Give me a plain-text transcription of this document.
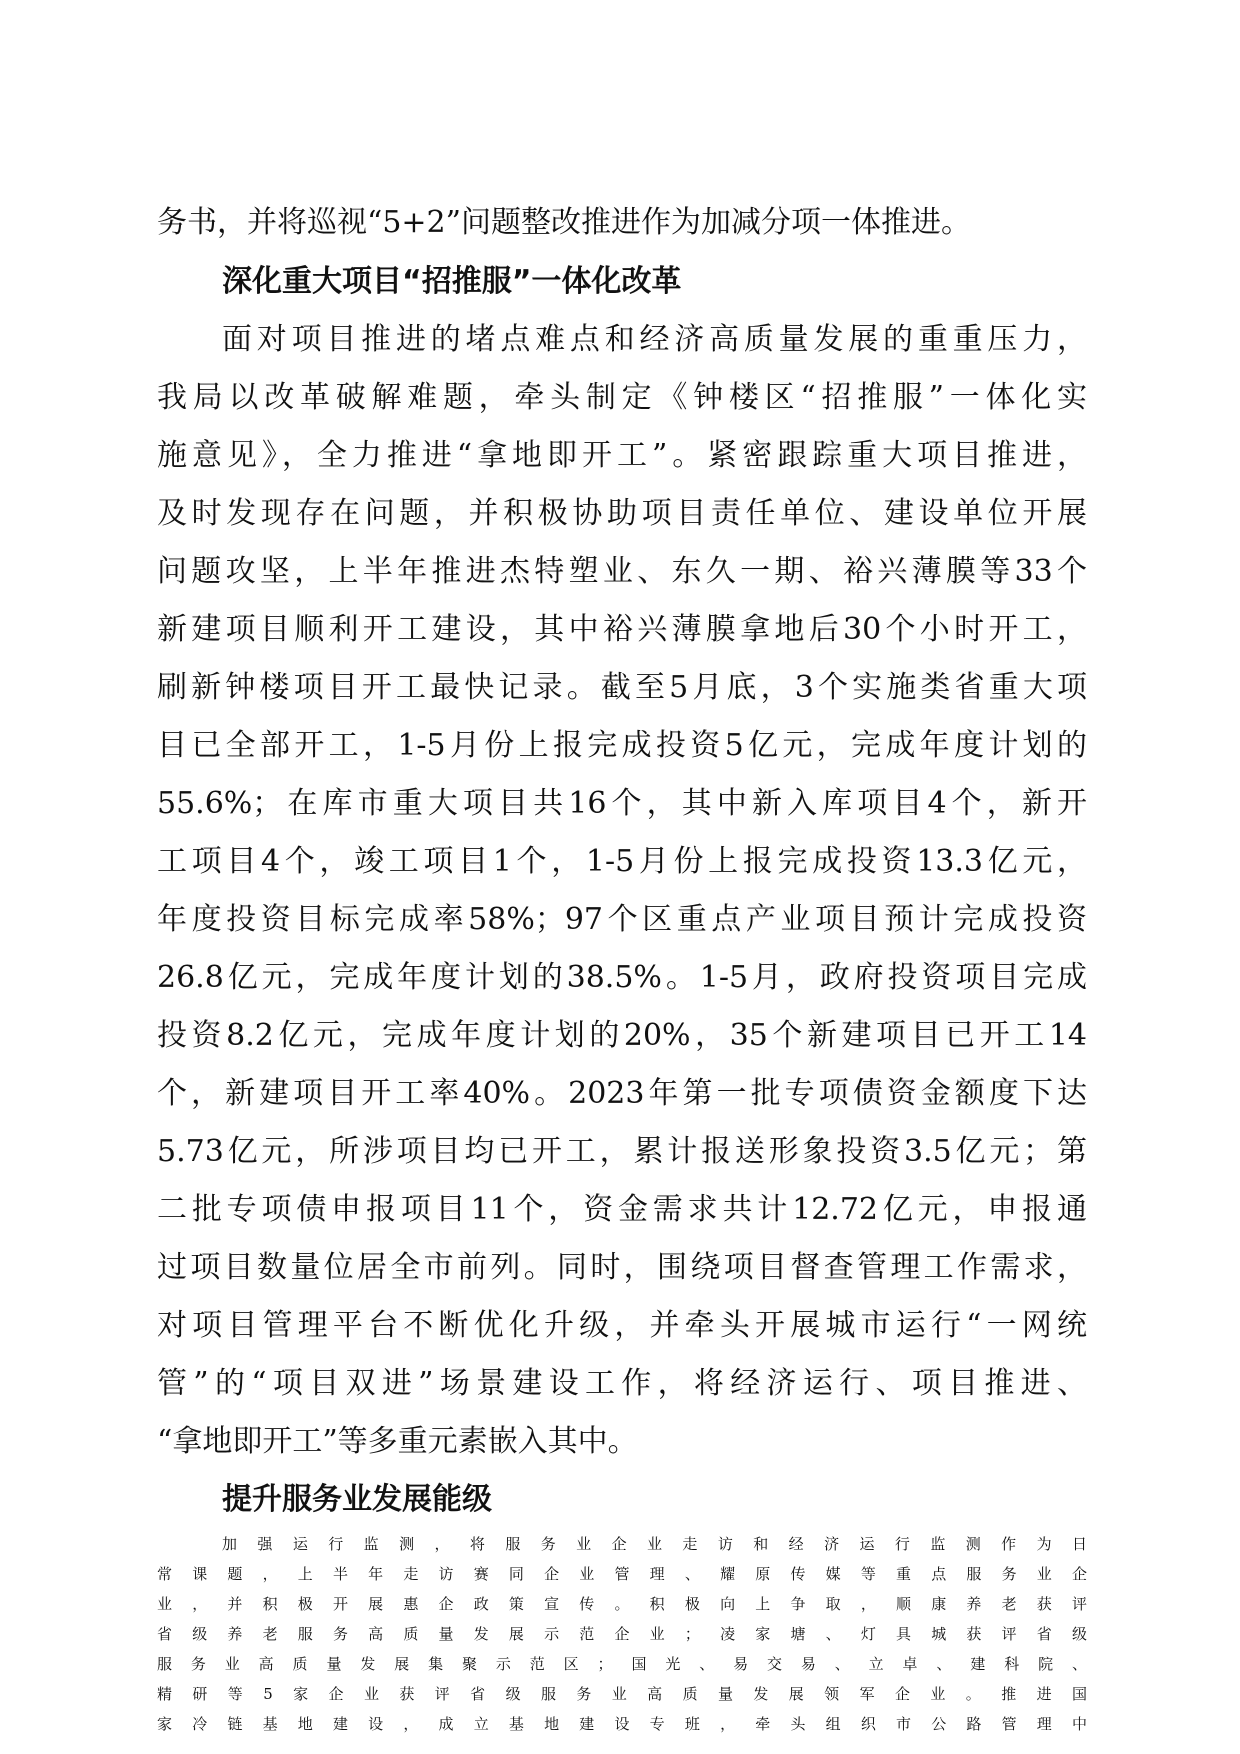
务书，并将巡视“5+2”问题整改推进作为加减分项一体推进。
深化重大项目“招推服”一体化改革
面对项目推进的堵点难点和经济高质量发展的重重压力，
我局以改革破解难题，牵头制定《钟楼区“招推服”一体化实
施意见》，全力推进“拿地即开工”。紧密跟踪重大项目推进，
及时发现存在问题，并积极协助项目责任单位、建设单位开展
问题攻坚，上半年推进杰特塑业、东久一期、裕兴薄膜等33个
新建项目顺利开工建设，其中裕兴薄膜拿地后30个小时开工，
刷新钟楼项目开工最快记录。截至5月底，3个实施类省重大项
目已全部开工，1-5月份上报完成投资5亿元，完成年度计划的
55.6%；在库市重大项目共16个，其中新入库项目4个，新开
工项目4个，竣工项目1个，1-5月份上报完成投资13.3亿元，
年度投资目标完成率58%；97个区重点产业项目预计完成投资
26.8亿元，完成年度计划的38.5%。1-5月，政府投资项目完成
投资8.2亿元，完成年度计划的20%，35个新建项目已开工14
个，新建项目开工率40%。2023年第一批专项债资金额度下达
5.73亿元，所涉项目均已开工，累计报送形象投资3.5亿元；第
二批专项债申报项目11个，资金需求共计12.72亿元，申报通
过项目数量位居全市前列。同时，围绕项目督查管理工作需求，
对项目管理平台不断优化升级，并牵头开展城市运行“一网统
管”的“项目双进”场景建设工作，将经济运行、项目推进、
“拿地即开工”等多重元素嵌入其中。
提升服务业发展能级
加强运行监测，将服务业企业走访和经济运行监测作为日
常课题，上半年走访赛同企业管理、耀原传媒等重点服务业企
业，并积极开展惠企政策宣传。积极向上争取，顺康养老获评
省级养老服务高质量发展示范企业；凌家塘、灯具城获评省级
服务业高质量发展集聚示范区；国光、易交易、立卓、建科院、
精研等5家企业获评省级服务业高质量发展领军企业。推进国
家冷链基地建设，成立基地建设专班，牵头组织市公路管理中
